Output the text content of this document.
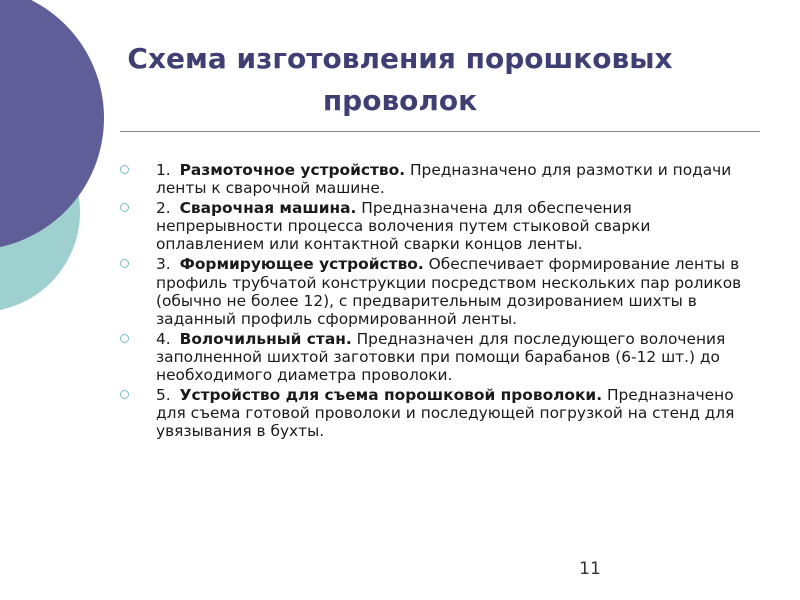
Схема изготовления порошковых проволок
1. Размоточное устройство. Предназначено для размотки и подачи ленты к сварочной машине.
2. Сварочная машина. Предназначена для обеспечения непрерывности процесса волочения путем стыковой сварки оплавлением или контактной сварки концов ленты.
3. Формирующее устройство. Обеспечивает формирование ленты в профиль трубчатой конструкции посредством нескольких пар роликов (обычно не более 12), с предварительным дозированием шихты в заданный профиль сформированной ленты.
4. Волочильный стан. Предназначен для последующего волочения заполненной шихтой заготовки при помощи барабанов (6-12 шт.) до необходимого диаметра проволоки.
5. Устройство для съема порошковой проволоки. Предназначено для съема готовой проволоки и последующей погрузкой на стенд для увязывания в бухты.
11
